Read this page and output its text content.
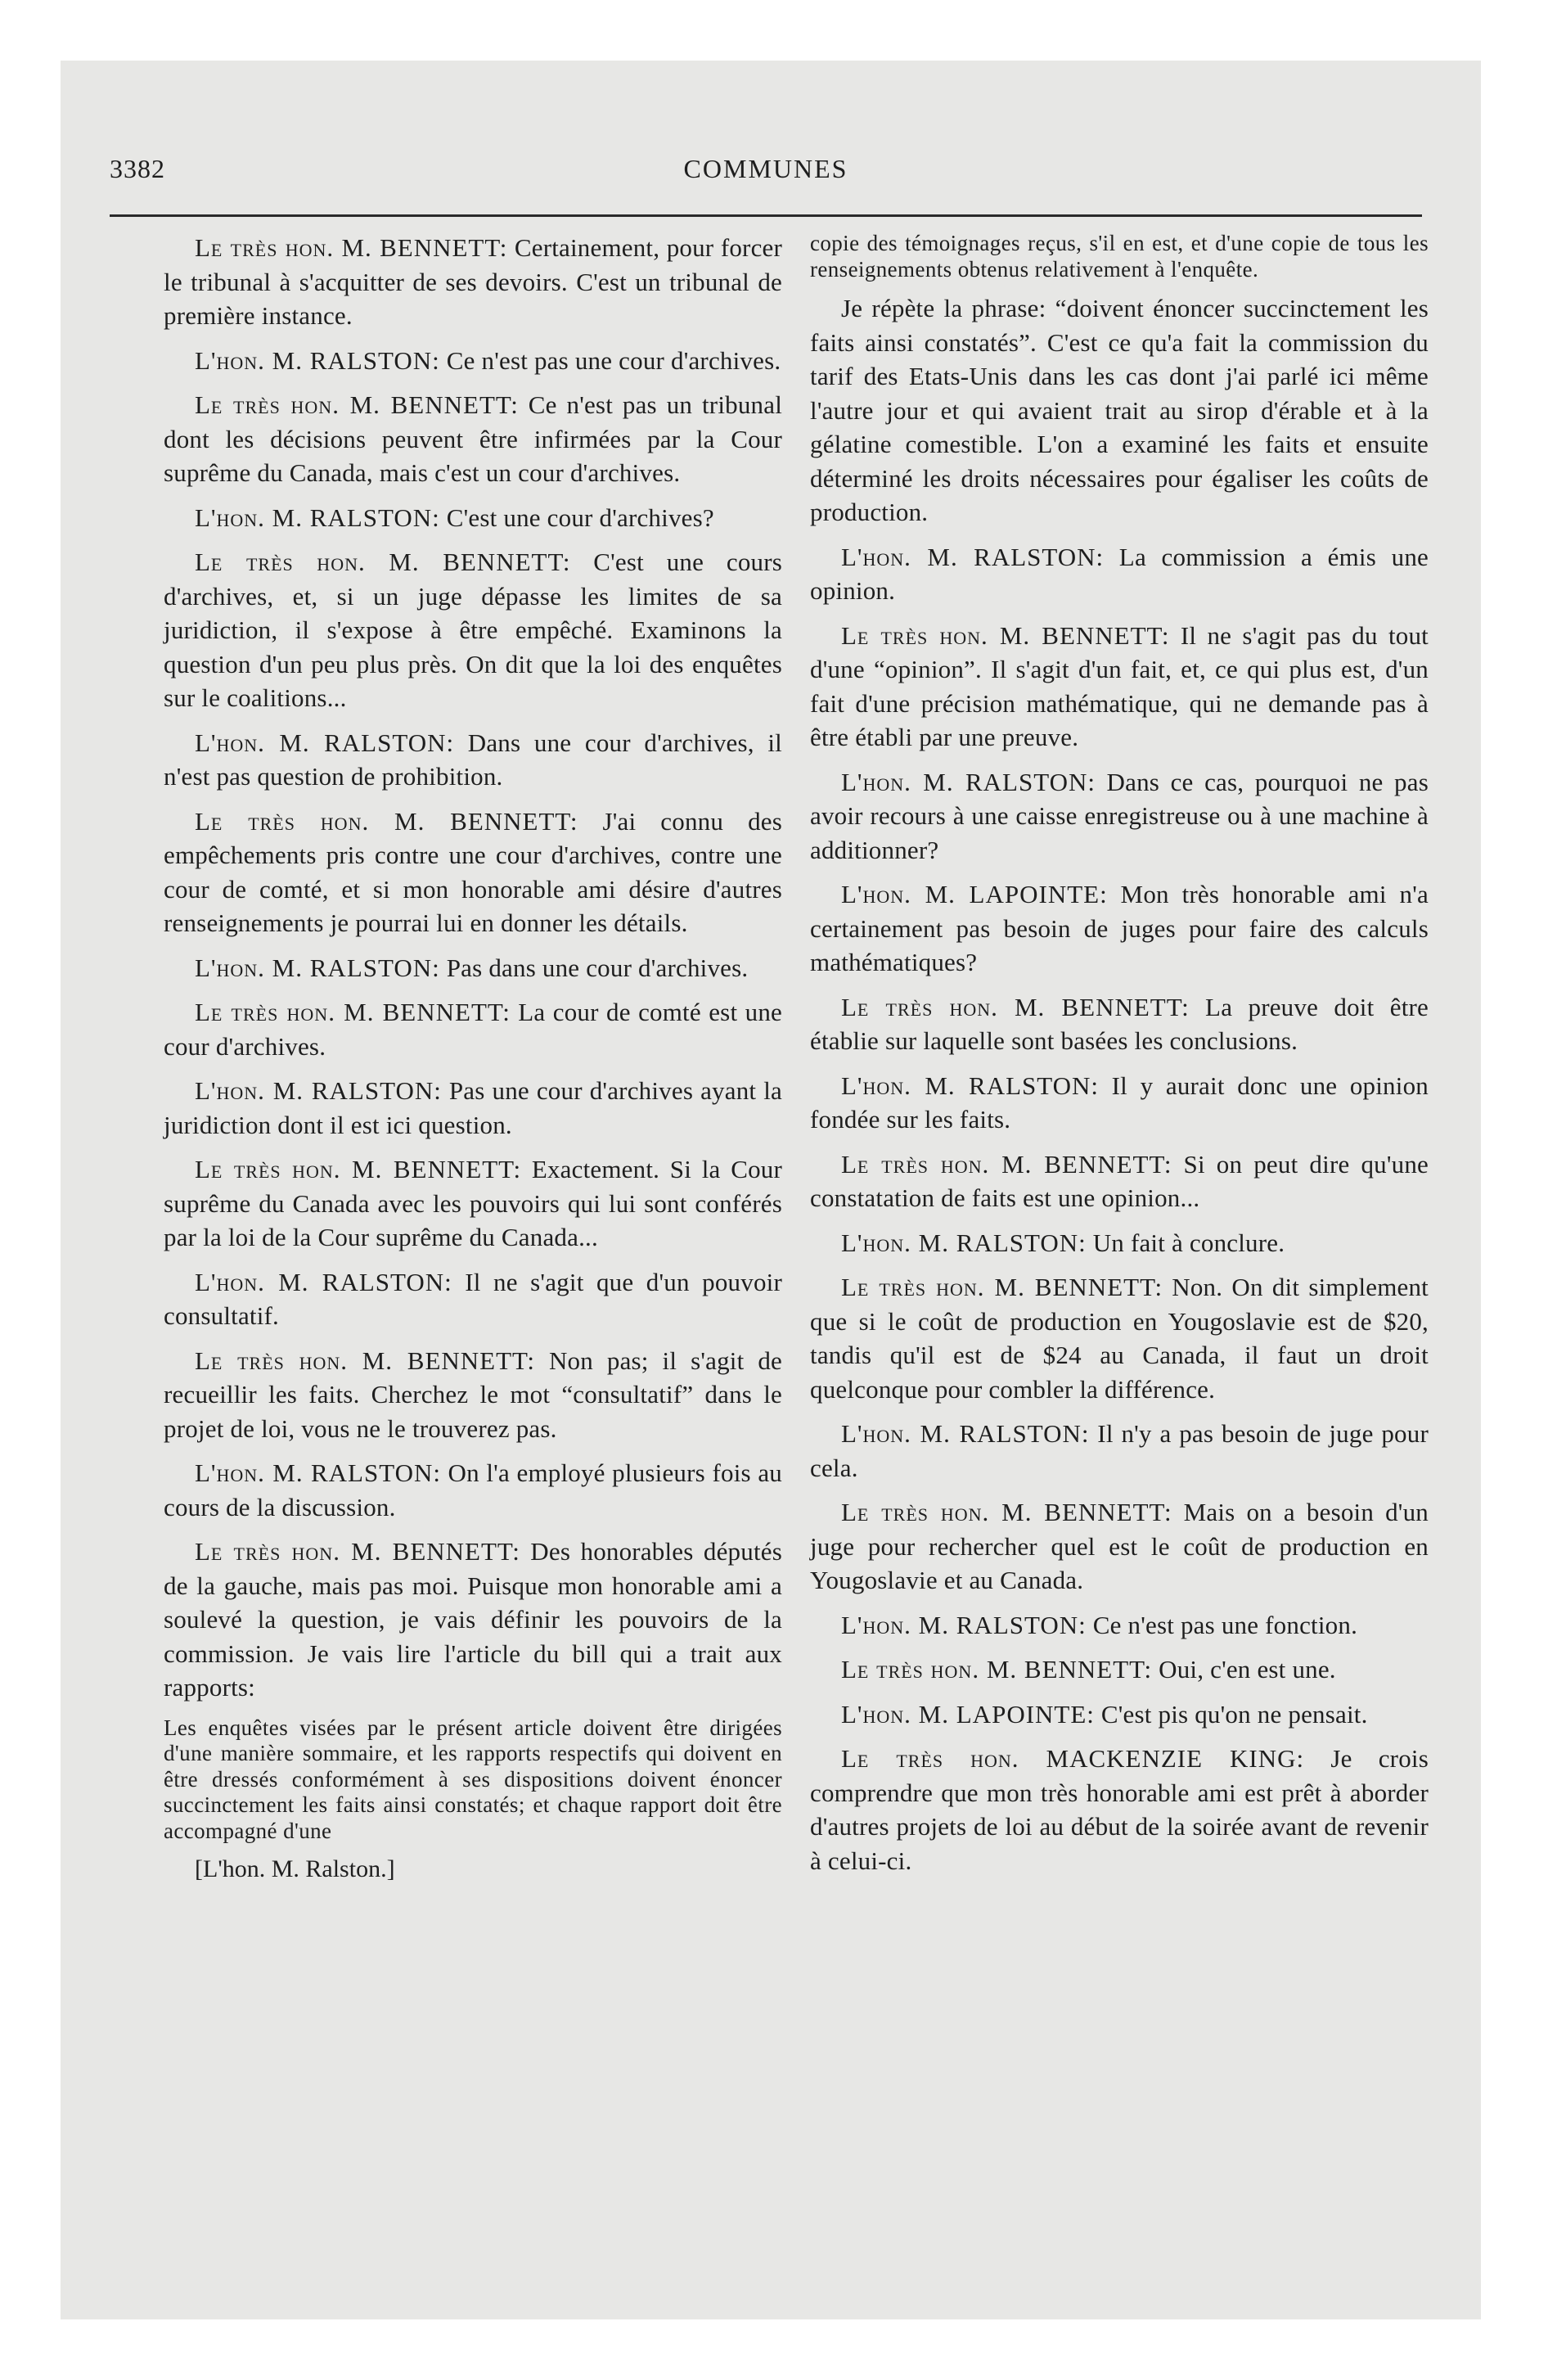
3382	COMMUNES

Le très hon. M. BENNETT: Certainement, pour forcer le tribunal à s'acquitter de ses devoirs. C'est un tribunal de première instance.

L'hon. M. RALSTON: Ce n'est pas une cour d'archives.

Le très hon. M. BENNETT: Ce n'est pas un tribunal dont les décisions peuvent être infirmées par la Cour suprême du Canada, mais c'est un cour d'archives.

L'hon. M. RALSTON: C'est une cour d'archives?

Le très hon. M. BENNETT: C'est une cours d'archives, et, si un juge dépasse les limites de sa juridiction, il s'expose à être empêché. Examinons la question d'un peu plus près. On dit que la loi des enquêtes sur le coalitions...

L'hon. M. RALSTON: Dans une cour d'archives, il n'est pas question de prohibition.

Le très hon. M. BENNETT: J'ai connu des empêchements pris contre une cour d'archives, contre une cour de comté, et si mon honorable ami désire d'autres renseignements je pourrai lui en donner les détails.

L'hon. M. RALSTON: Pas dans une cour d'archives.

Le très hon. M. BENNETT: La cour de comté est une cour d'archives.

L'hon. M. RALSTON: Pas une cour d'archives ayant la juridiction dont il est ici question.

Le très hon. M. BENNETT: Exactement. Si la Cour suprême du Canada avec les pouvoirs qui lui sont conférés par la loi de la Cour suprême du Canada...

L'hon. M. RALSTON: Il ne s'agit que d'un pouvoir consultatif.

Le très hon. M. BENNETT: Non pas; il s'agit de recueillir les faits. Cherchez le mot “consultatif” dans le projet de loi, vous ne le trouverez pas.

L'hon. M. RALSTON: On l'a employé plusieurs fois au cours de la discussion.

Le très hon. M. BENNETT: Des honorables députés de la gauche, mais pas moi. Puisque mon honorable ami a soulevé la question, je vais définir les pouvoirs de la commission. Je vais lire l'article du bill qui a trait aux rapports:

Les enquêtes visées par le présent article doivent être dirigées d'une manière sommaire, et les rapports respectifs qui doivent en être dressés conformément à ses dispositions doivent énoncer succinctement les faits ainsi constatés; et chaque rapport doit être accompagné d'une

[L'hon. M. Ralston.]

copie des témoignages reçus, s'il en est, et d'une copie de tous les renseignements obtenus relativement à l'enquête.

Je répète la phrase: “doivent énoncer succinctement les faits ainsi constatés”. C'est ce qu'a fait la commission du tarif des Etats-Unis dans les cas dont j'ai parlé ici même l'autre jour et qui avaient trait au sirop d'érable et à la gélatine comestible. L'on a examiné les faits et ensuite déterminé les droits nécessaires pour égaliser les coûts de production.

L'hon. M. RALSTON: La commission a émis une opinion.

Le très hon. M. BENNETT: Il ne s'agit pas du tout d'une “opinion”. Il s'agit d'un fait, et, ce qui plus est, d'un fait d'une précision mathématique, qui ne demande pas à être établi par une preuve.

L'hon. M. RALSTON: Dans ce cas, pourquoi ne pas avoir recours à une caisse enregistreuse ou à une machine à additionner?

L'hon. M. LAPOINTE: Mon très honorable ami n'a certainement pas besoin de juges pour faire des calculs mathématiques?

Le très hon. M. BENNETT: La preuve doit être établie sur laquelle sont basées les conclusions.

L'hon. M. RALSTON: Il y aurait donc une opinion fondée sur les faits.

Le très hon. M. BENNETT: Si on peut dire qu'une constatation de faits est une opinion...

L'hon. M. RALSTON: Un fait à conclure.

Le très hon. M. BENNETT: Non. On dit simplement que si le coût de production en Yougoslavie est de $20, tandis qu'il est de $24 au Canada, il faut un droit quelconque pour combler la différence.

L'hon. M. RALSTON: Il n'y a pas besoin de juge pour cela.

Le très hon. M. BENNETT: Mais on a besoin d'un juge pour rechercher quel est le coût de production en Yougoslavie et au Canada.

L'hon. M. RALSTON: Ce n'est pas une fonction.

Le très hon. M. BENNETT: Oui, c'en est une.

L'hon. M. LAPOINTE: C'est pis qu'on ne pensait.

Le très hon. MACKENZIE KING: Je crois comprendre que mon très honorable ami est prêt à aborder d'autres projets de loi au début de la soirée avant de revenir à celui-ci.
